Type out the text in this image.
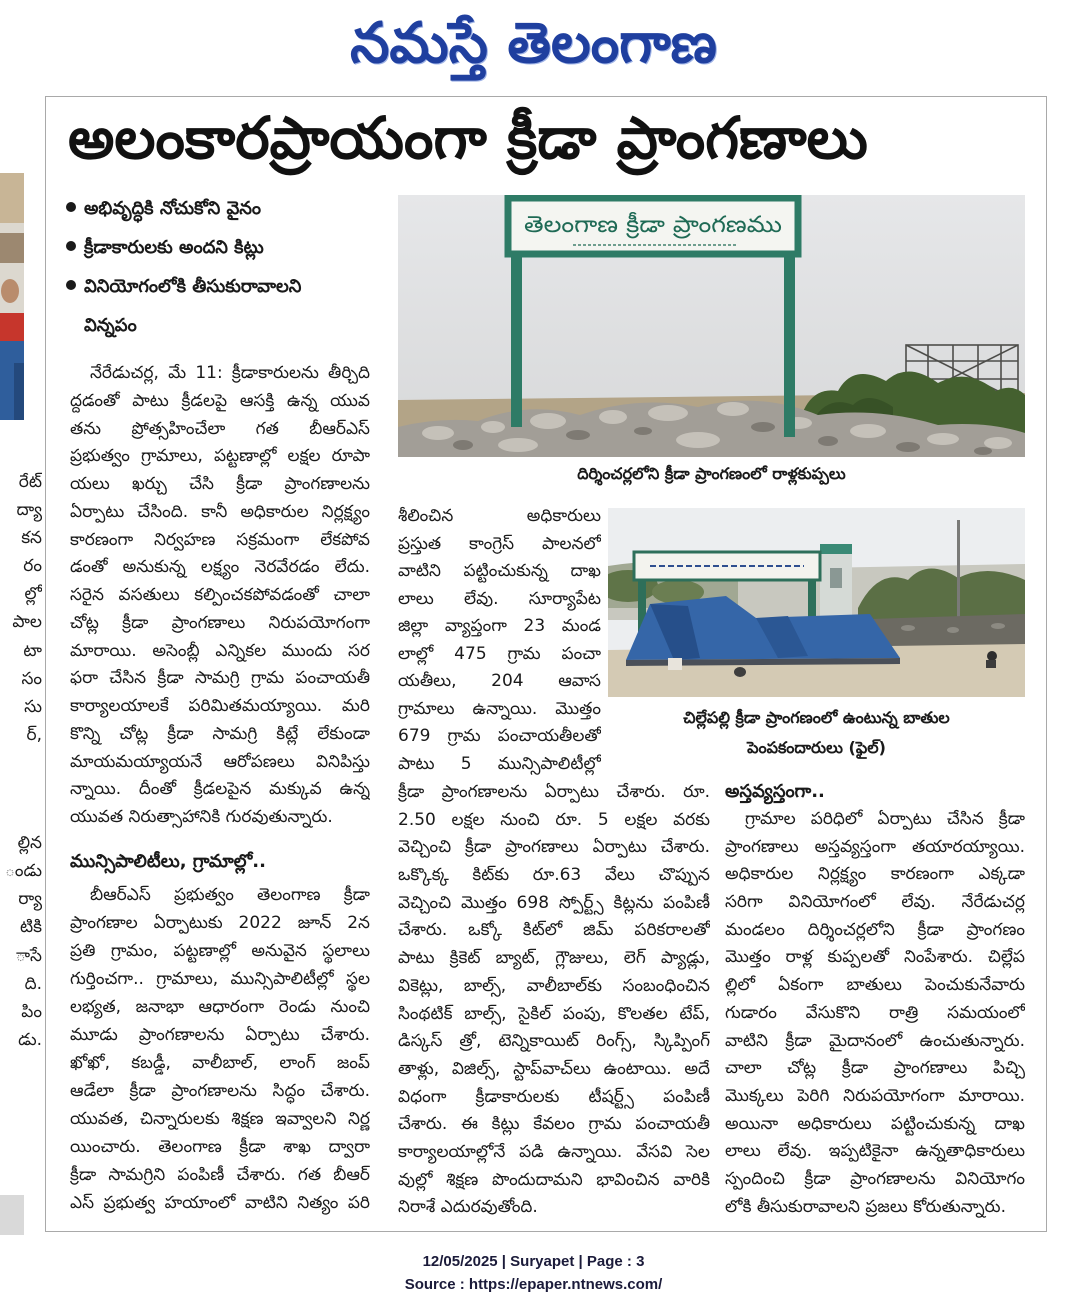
నమస్తే తెలంగాణ
అలంకారప్రాయంగా క్రీడా ప్రాంగణాలు
రేట్
ద్యా
కన
రం
ల్లో
పాల
టా
సం
సు
ర్,
ల్లిన
ండు
ర్యా
టికి
ాసే
ది.
పిం
డు.
అభివృద్ధికి నోచుకోని వైనం
క్రీడాకారులకు అందని కిట్లు
వినియోగంలోకి తీసుకురావాలని
విన్నపం
తెలంగాణ క్రీడా ప్రాంగణము
దిర్శించర్లలోని క్రీడా ప్రాంగణంలో రాళ్లకుప్పలు
చిల్లేపల్లి క్రీడా ప్రాంగణంలో ఉంటున్న బాతుల
పెంపకందారులు (ఫైల్)
నేరేడుచర్ల, మే 11: క్రీడాకారులను తీర్చిది
ద్దడంతో పాటు క్రీడలపై ఆసక్తి ఉన్న యువ
తను ప్రోత్సహించేలా గత బీఆర్‌ఎస్
ప్రభుత్వం గ్రామాలు, పట్టణాల్లో లక్షల రూపా
యలు ఖర్చు చేసి క్రీడా ప్రాంగణాలను
ఏర్పాటు చేసింది. కానీ అధికారుల నిర్లక్ష్యం
కారణంగా నిర్వహణ సక్రమంగా లేకపోవ
డంతో అనుకున్న లక్ష్యం నెరవేరడం లేదు.
సరైన వసతులు కల్పించకపోవడంతో చాలా
చోట్ల క్రీడా ప్రాంగణాలు నిరుపయోగంగా
మారాయి. అసెంబ్లీ ఎన్నికల ముందు సర
ఫరా చేసిన క్రీడా సామగ్రి గ్రామ పంచాయతీ
కార్యాలయాలకే పరిమితమయ్యాయి. మరి
కొన్ని చోట్ల క్రీడా సామగ్రి కిట్లే లేకుండా
మాయమయ్యాయనే ఆరోపణలు వినిపిస్తు
న్నాయి. దీంతో క్రీడలపైన మక్కువ ఉన్న
యువత నిరుత్సాహానికి గురవుతున్నారు.
మున్సిపాలిటీలు, గ్రామాల్లో..
బీఆర్‌ఎస్ ప్రభుత్వం తెలంగాణ క్రీడా
ప్రాంగణాల ఏర్పాటుకు 2022 జూన్ 2న
ప్రతి గ్రామం, పట్టణాల్లో అనువైన స్థలాలు
గుర్తించగా.. గ్రామాలు, మున్సిపాలిటీల్లో స్థల
లభ్యత, జనాభా ఆధారంగా రెండు నుంచి
మూడు ప్రాంగణాలను ఏర్పాటు చేశారు.
ఖోఖో, కబడ్డీ, వాలీబాల్, లాంగ్ జంప్
ఆడేలా క్రీడా ప్రాంగణాలను సిద్ధం చేశారు.
యువత, చిన్నారులకు శిక్షణ ఇవ్వాలని నిర్ణ
యించారు. తెలంగాణ క్రీడా శాఖ ద్వారా
క్రీడా సామగ్రిని పంపిణీ చేశారు. గత బీఆర్
ఎస్ ప్రభుత్వ హయాంలో వాటిని నిత్యం పరి
శీలించిన అధికారులు
ప్రస్తుత కాంగ్రెస్ పాలనలో
వాటిని పట్టించుకున్న దాఖ
లాలు లేవు. సూర్యాపేట
జిల్లా వ్యాప్తంగా 23 మండ
లాల్లో 475 గ్రామ పంచా
యతీలు, 204 ఆవాస
గ్రామాలు ఉన్నాయి. మొత్తం
679 గ్రామ పంచాయతీలతో
పాటు 5 మున్సిపాలిటీల్లో
క్రీడా ప్రాంగణాలను ఏర్పాటు చేశారు. రూ.
2.50 లక్షల నుంచి రూ. 5 లక్షల వరకు
వెచ్చించి క్రీడా ప్రాంగణాలు ఏర్పాటు చేశారు.
ఒక్కొక్క కిట్‌కు రూ.63 వేలు చొప్పున
వెచ్చించి మొత్తం 698 స్పోర్ట్స్ కిట్లను పంపిణీ
చేశారు. ఒక్కో కిట్‌లో జిమ్ పరికరాలతో
పాటు క్రికెట్ బ్యాట్, గ్లౌజులు, లెగ్ ప్యాడ్లు,
వికెట్లు, బాల్స్, వాలీబాల్‌కు సంబంధించిన
సింథటిక్ బాల్స్, సైకిల్ పంపు, కొలతల టేప్,
డిస్కస్ త్రో, టెన్నికాయిట్ రింగ్స్, స్కిప్పింగ్
తాళ్లు, విజిల్స్, స్టాప్‌వాచ్‌లు ఉంటాయి. అదే
విధంగా క్రీడాకారులకు టీషర్ట్స్ పంపిణీ
చేశారు. ఈ కిట్లు కేవలం గ్రామ పంచాయతీ
కార్యాలయాల్లోనే పడి ఉన్నాయి. వేసవి సెల
వుల్లో శిక్షణ పొందుదామని భావించిన వారికి
నిరాశే ఎదురవుతోంది.
అస్తవ్యస్తంగా..
గ్రామాల పరిధిలో ఏర్పాటు చేసిన క్రీడా
ప్రాంగణాలు అస్తవ్యస్తంగా తయారయ్యాయి.
అధికారుల నిర్లక్ష్యం కారణంగా ఎక్కడా
సరిగా వినియోగంలో లేవు. నేరేడుచర్ల
మండలం దిర్శించర్లలోని క్రీడా ప్రాంగణం
మొత్తం రాళ్ల కుప్పలతో నింపేశారు. చిల్లేప
ల్లిలో ఏకంగా బాతులు పెంచుకునేవారు
గుడారం వేసుకొని రాత్రి సమయంలో
వాటిని క్రీడా మైదానంలో ఉంచుతున్నారు.
చాలా చోట్ల క్రీడా ప్రాంగణాలు పిచ్చి
మొక్కలు పెరిగి నిరుపయోగంగా మారాయి.
అయినా అధికారులు పట్టించుకున్న దాఖ
లాలు లేవు. ఇప్పటికైనా ఉన్నతాధికారులు
స్పందించి క్రీడా ప్రాంగణాలను వినియోగం
లోకి తీసుకురావాలని ప్రజలు కోరుతున్నారు.
12/05/2025 | Suryapet | Page : 3
Source : https://epaper.ntnews.com/
